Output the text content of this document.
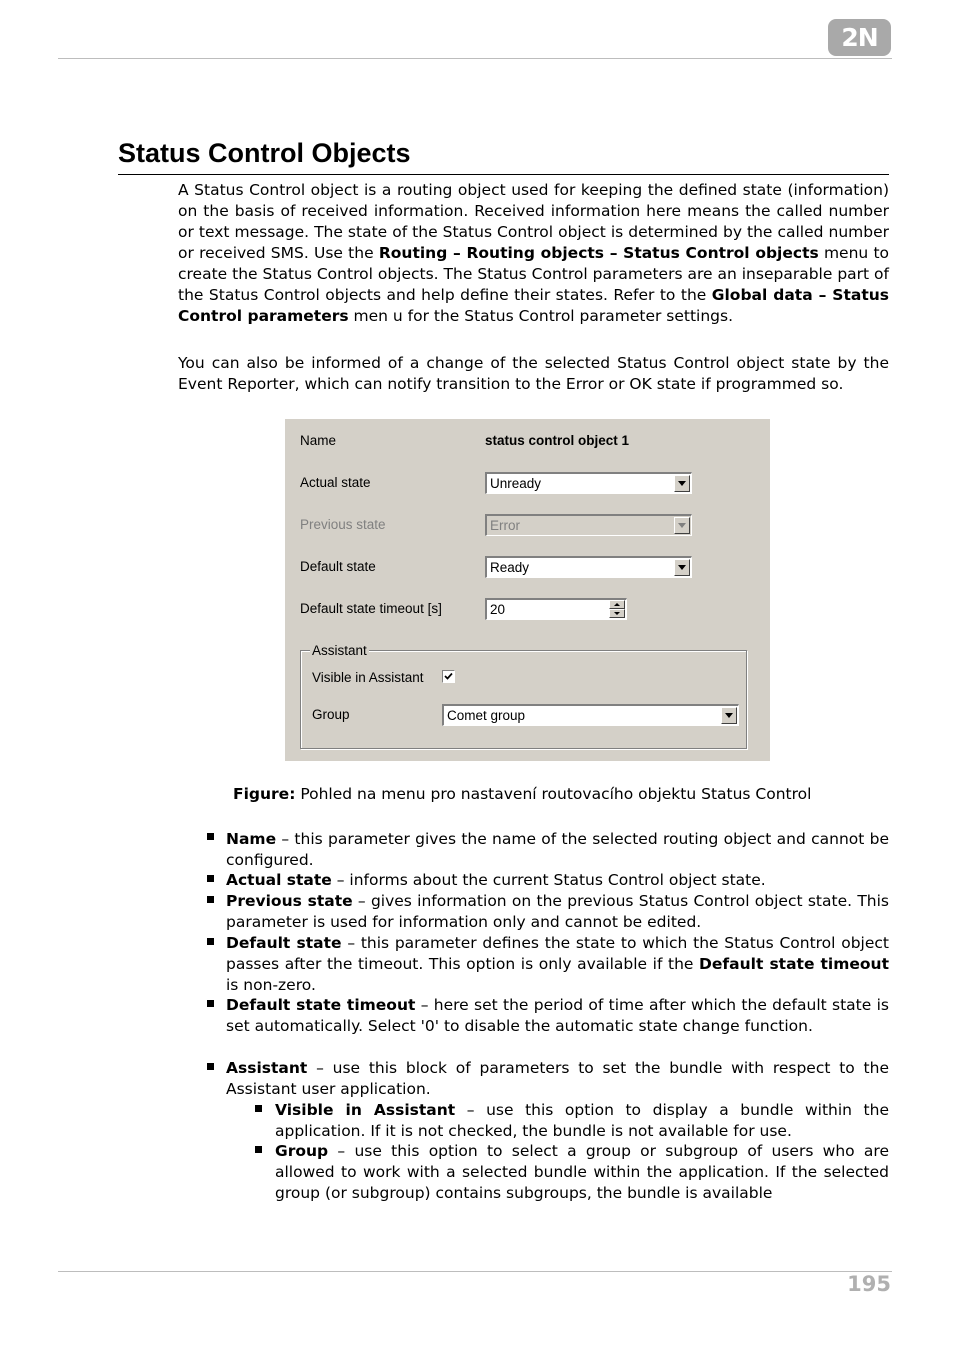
2N
Status Control Objects

A Status Control object is a routing object used for keeping the defined state (information) on the basis of received information. Received information here means the called number or text message. The state of the Status Control object is determined by the called number or received SMS. Use the Routing – Routing objects – Status Control objects menu to create the Status Control objects. The Status Control parameters are an inseparable part of the Status Control objects and help define their states. Refer to the Global data – Status Control parameters men u for the Status Control parameter settings.

You can also be informed of a change of the selected Status Control object state by the Event Reporter, which can notify transition to the Error or OK state if programmed so.

Name	status control object 1
Actual state	Unready
Previous state	Error
Default state	Ready
Default state timeout [s]	20
Assistant
Visible in Assistant
Group	Comet group

Figure: Pohled na menu pro nastavení routovacího objektu Status Control

Name – this parameter gives the name of the selected routing object and cannot be configured.

Actual state – informs about the current Status Control object state.

Previous state – gives information on the previous Status Control object state. This parameter is used for information only and cannot be edited.

Default state – this parameter defines the state to which the Status Control object passes after the timeout. This option is only available if the Default state timeout is non-zero.

Default state timeout – here set the period of time after which the default state is set automatically. Select '0' to disable the automatic state change function.

Assistant – use this block of parameters to set the bundle with respect to the Assistant user application.

Visible in Assistant – use this option to display a bundle within the application. If it is not checked, the bundle is not available for use.

Group – use this option to select a group or subgroup of users who are allowed to work with a selected bundle within the application. If the selected group (or subgroup) contains subgroups, the bundle is available

195
